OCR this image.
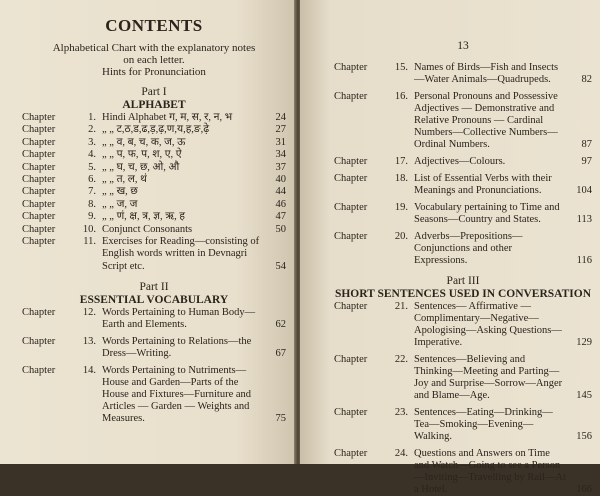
CONTENTS
Alphabetical Chart with the explanatory notes
on each letter.
Hints for Pronunciation
Part I
ALPHABET
Chapter	1. Hindi Alphabet ग, म, स, र, न, भ	24
Chapter	2. „ „ ट,ठ,ड,ढ,ड़,ढ़,ण,य,ह,ङ,ढ़े	27
Chapter	3. „ „ व, ब, च, क, ज, ऊ	31
Chapter	4. „ „ प, फ, प, श, ए, ऐ	34
Chapter	5. „ „ घ, च, छ, ओ, औ	37
Chapter	6. „ „ त, ल, थं	40
Chapter	7. „ „ ख, छ	44
Chapter	8. „ „ ज, ज	46
Chapter	9. „ „ णं, क्ष, त्र, ज्ञ, ऋ, ह	47
Chapter	10. Conjunct Consonants	50
Chapter	11. Exercises for Reading—consisting of English words written in Devnagri Script etc.	54
Part II
ESSENTIAL VOCABULARY
Chapter	12. Words Pertaining to Human Body—Earth and Elements.	62
Chapter	13. Words Pertaining to Relations—the Dress—Writing.	67
Chapter	14. Words Pertaining to Nutriments—House and Garden—Parts of the House and Fixtures—Furniture and Articles — Garden — Weights and Measures.	75
13
Chapter	15. Names of Birds—Fish and Insects—Water Animals—Quadrupeds.	82
Chapter	16. Personal Pronouns and Possessive Adjectives — Demonstrative and Relative Pronouns — Cardinal Numbers—Collective Numbers—Ordinal Numbers.	87
Chapter	17. Adjectives—Colours.	97
Chapter	18. List of Essential Verbs with their Meanings and Pronunciations.	104
Chapter	19. Vocabulary pertaining to Time and Seasons—Country and States.	113
Chapter	20. Adverbs—Prepositions—Conjunctions and other Expressions.	116
Part III
SHORT SENTENCES USED IN CONVERSATION
Chapter	21. Sentences— Affirmative — Complimentary—Negative—Apologising—Asking Questions—Imperative.	129
Chapter	22. Sentences—Believing and Thinking—Meeting and Parting—Joy and Surprise—Sorrow—Anger and Blame—Age.	145
Chapter	23. Sentences—Eating—Drinking—Tea—Smoking—Evening—Walking.	156
Chapter	24. Questions and Answers on Time and Watch—Going to see a Person—Inviting—Travelling by Rail—At a Hotel.	166
